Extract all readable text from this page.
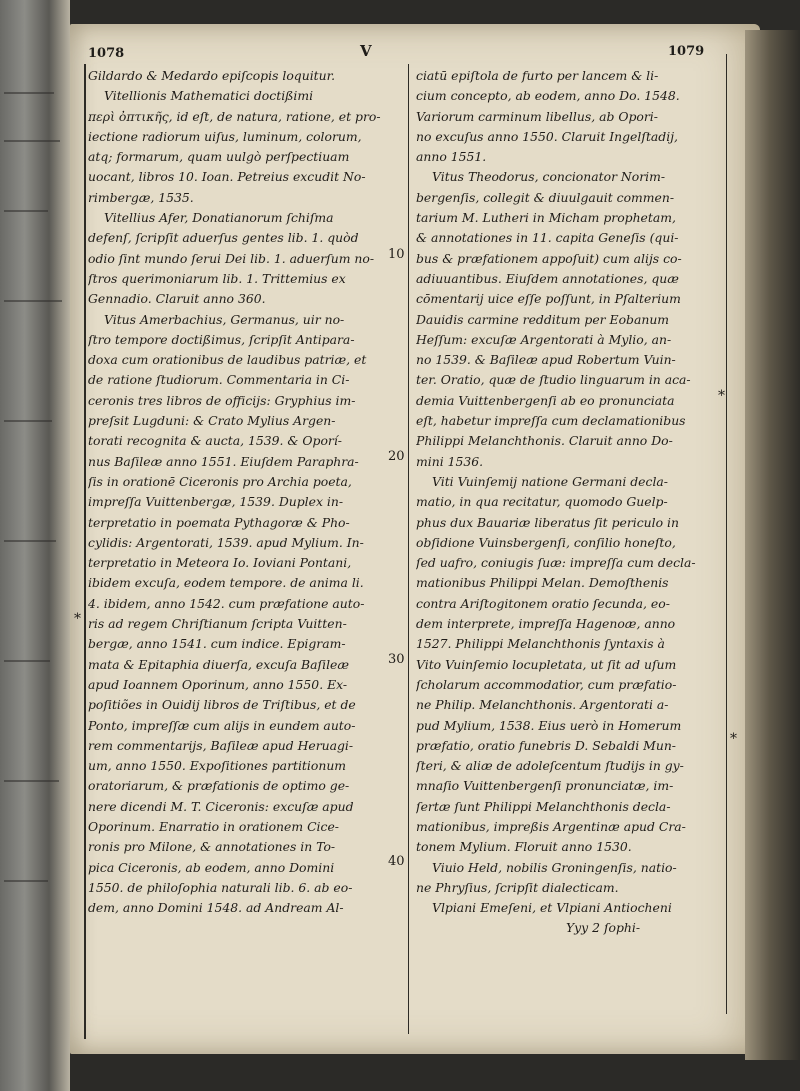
1078	V	1079
Gildardo & Medardo epiſcopis loquitur.
Vitellionis Mathematici doctißimi
περὶ ὀπτικῆς, id eſt, de natura, ratione, et pro-
iectione radiorum uiſus, luminum, colorum,
atq; formarum, quam uulgò perſpectiuam
uocant, libros 10. Ioan. Petreius excudit No-
rimbergæ, 1535.
Vitellius Afer, Donatianorum ſchiſma
defenſ, ſcripſit aduerſus gentes lib. 1. quòd
odio ſint mundo ſerui Dei lib. 1. aduerſum no-
ſtros querimoniarum lib. 1. Trittemius ex
Gennadio. Claruit anno 360.
Vitus Amerbachius, Germanus, uir no-
ſtro tempore doctißimus, ſcripſit Antipara-
doxa cum orationibus de laudibus patriæ, et
de ratione ſtudiorum. Commentaria in Ci-
ceronis tres libros de officijs: Gryphius im-
preſsit Lugduni: & Crato Mylius Argen-
torati recognita & aucta, 1539. & Oporí-
nus Baſileæ anno 1551. Eiuſdem Paraphra-
ſis in orationē Ciceronis pro Archia poeta,
impreſſa Vuittenbergæ, 1539. Duplex in-
terpretatio in poemata Pythagoræ & Pho-
cylidis: Argentorati, 1539. apud Mylium. In-
terpretatio in Meteora Io. Ioviani Pontani,
ibidem excuſa, eodem tempore. de anima li.
4. ibidem, anno 1542. cum præfatione auto-
ris ad regem Chriſtianum ſcripta Vuitten-
bergæ, anno 1541. cum indice. Epigram-
mata & Epitaphia diuerſa, excuſa Baſileæ
apud Ioannem Oporinum, anno 1550. Ex-
poſitiões in Ouidij libros de Triſtibus, et de
Ponto, impreſſæ cum alijs in eundem auto-
rem commentarijs, Baſileæ apud Heruagi-
um, anno 1550. Expoſitiones partitionum
oratoriarum, & præfationis de optimo ge-
nere dicendi M. T. Ciceronis: excuſæ apud
Oporinum. Enarratio in orationem Cice-
ronis pro Milone, & annotationes in To-
pica Ciceronis, ab eodem, anno Domini
1550. de philoſophia naturali lib. 6. ab eo-
dem, anno Domini 1548. ad Andream Al-
ciatū epiſtola de furto per lancem & li-
cium concepto, ab eodem, anno Do. 1548.
Variorum carminum libellus, ab Opori-
no excuſus anno 1550. Claruit Ingelſtadij,
anno 1551.
Vitus Theodorus, concionator Norim-
bergenſis, collegit & diuulgauit commen-
tarium M. Lutheri in Micham prophetam,
& annotationes in 11. capita Geneſis (qui-
bus & præfationem appoſuit) cum alijs co-
adiuuantibus. Eiuſdem annotationes, quæ
cōmentarij uice eſſe poſſunt, in Pſalterium
Dauidis carmine redditum per Eobanum
Heſſum: excuſæ Argentorati à Mylio, an-
no 1539. & Baſileæ apud Robertum Vuin-
ter. Oratio, quæ de ſtudio linguarum in aca-
demia Vuittenbergenſi ab eo pronunciata
eſt, habetur impreſſa cum declamationibus
Philippi Melanchthonis. Claruit anno Do-
mini 1536.
Viti Vuinſemij natione Germani decla-
matio, in qua recitatur, quomodo Guelp-
phus dux Bauariæ liberatus ſit periculo in
obſidione Vuinsbergenſi, conſilio honeſto,
ſed uafro, coniugis ſuæ: impreſſa cum decla-
mationibus Philippi Melan. Demoſthenis
contra Ariſtogitonem oratio ſecunda, eo-
dem interprete, impreſſa Hagenoæ, anno
1527. Philippi Melanchthonis ſyntaxis à
Vito Vuinſemio locupletata, ut ſit ad uſum
ſcholarum accommodatior, cum præfatio-
ne Philip. Melanchthonis. Argentorati a-
pud Mylium, 1538. Eius uerò in Homerum
præfatio, oratio funebris D. Sebaldi Mun-
ſteri, & aliæ de adoleſcentum ſtudijs in gy-
mnaſio Vuittenbergenſi pronunciatæ, im-
ſertæ ſunt Philippi Melanchthonis decla-
mationibus, impreßis Argentinæ apud Cra-
tonem Mylium. Floruit anno 1530.
Viuio Held, nobilis Groningenſis, natio-
ne Phryſius, ſcripſit dialecticam.
Vlpiani Emeſeni, et Vlpiani Antiocheni
Yyy 2 ſophi-
10
20
30
40
*
*
*
